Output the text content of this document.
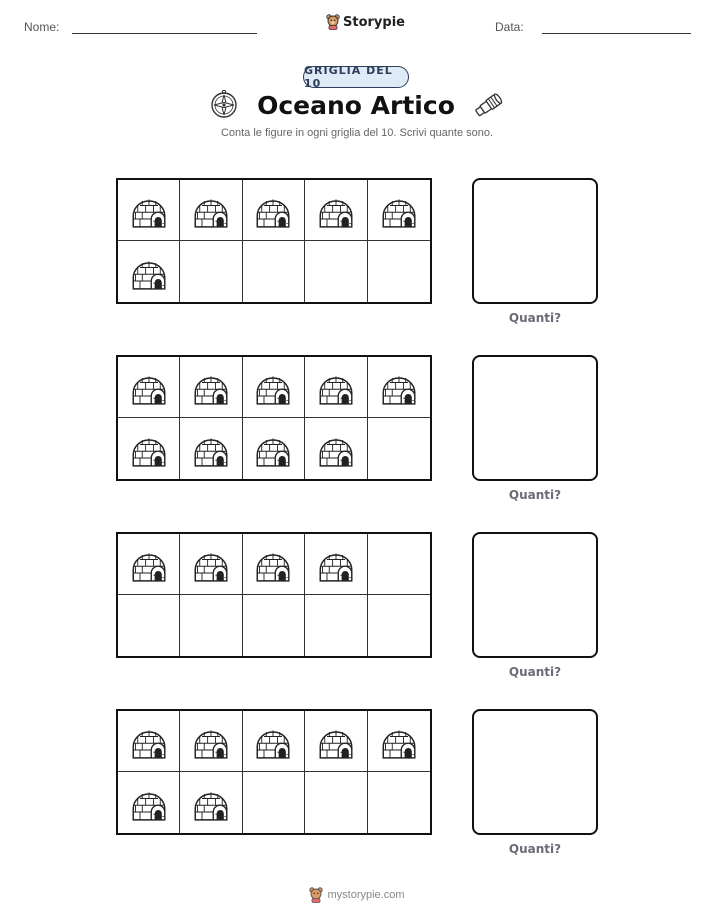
Nome:	Storypie	Data:
GRIGLIA DEL 10
Oceano Artico
Conta le figure in ogni griglia del 10. Scrivi quante sono.
Quanti?
Quanti?
Quanti?
Quanti?
mystorypie.com
